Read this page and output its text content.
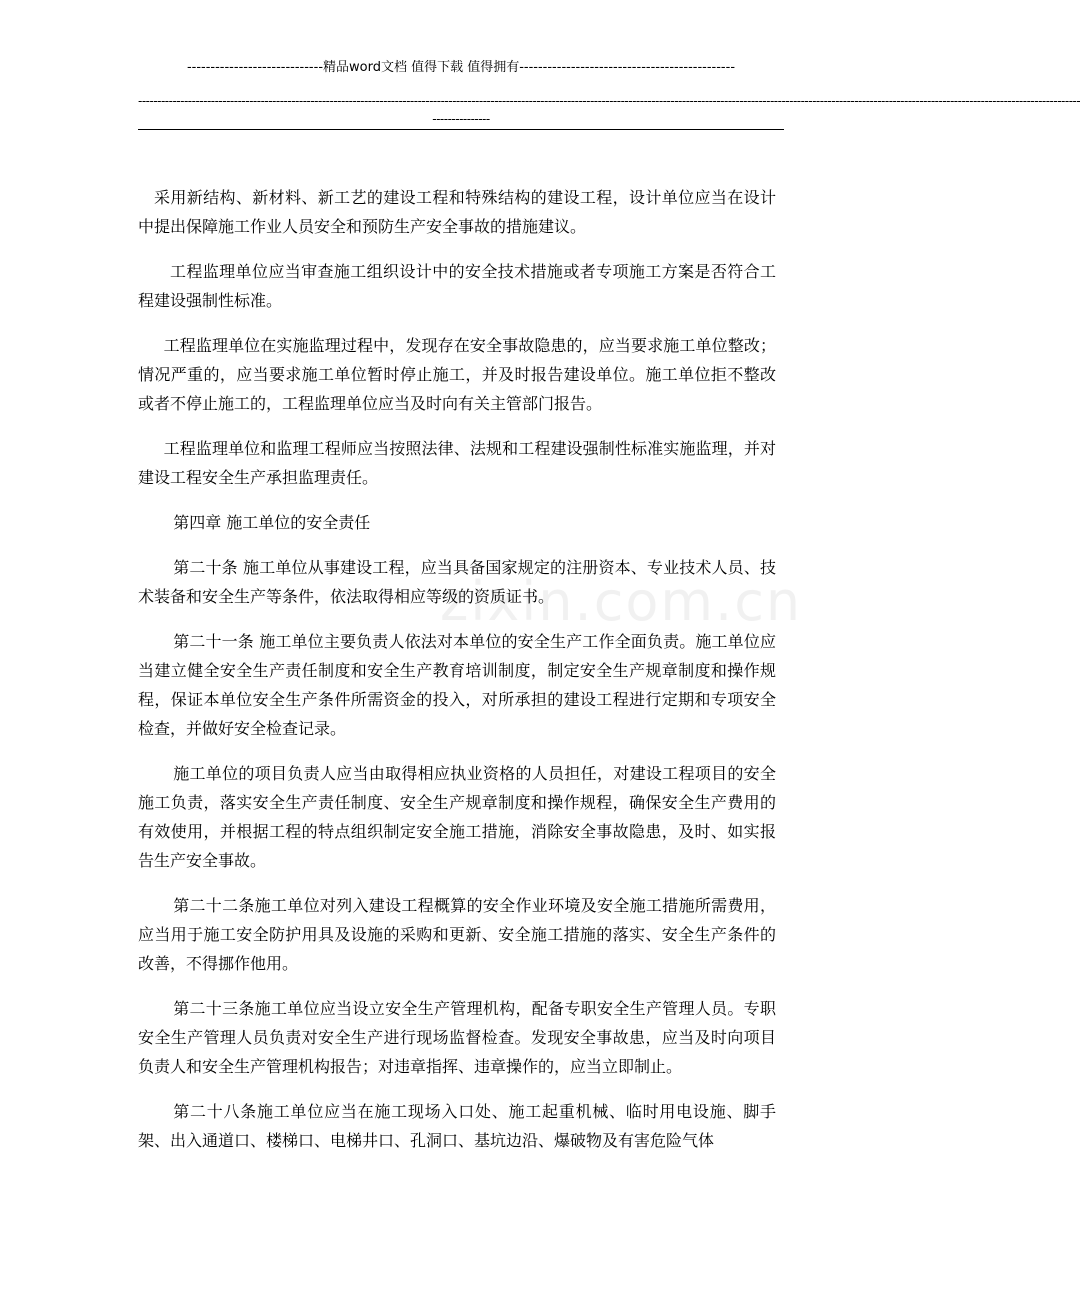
-----------------------------精品word文档 值得下载 值得拥有----------------------------------------------
------------------------------------------------------------------------------------------------------------------------------------------------------------------------------------------------------------------------------------------------------
---------------
zixin.com.cn

采用新结构、新材料、新工艺的建设工程和特殊结构的建设工程，设计单位应当在设计中提出保障施工作业人员安全和预防生产安全事故的措施建议。

工程监理单位应当审查施工组织设计中的安全技术措施或者专项施工方案是否符合工程建设强制性标准。

工程监理单位在实施监理过程中，发现存在安全事故隐患的，应当要求施工单位整改；情况严重的，应当要求施工单位暂时停止施工，并及时报告建设单位。施工单位拒不整改或者不停止施工的，工程监理单位应当及时向有关主管部门报告。

工程监理单位和监理工程师应当按照法律、法规和工程建设强制性标准实施监理，并对建设工程安全生产承担监理责任。

第四章 施工单位的安全责任

第二十条 施工单位从事建设工程，应当具备国家规定的注册资本、专业技术人员、技术装备和安全生产等条件，依法取得相应等级的资质证书。

第二十一条 施工单位主要负责人依法对本单位的安全生产工作全面负责。施工单位应当建立健全安全生产责任制度和安全生产教育培训制度，制定安全生产规章制度和操作规程，保证本单位安全生产条件所需资金的投入，对所承担的建设工程进行定期和专项安全检查，并做好安全检查记录。

施工单位的项目负责人应当由取得相应执业资格的人员担任，对建设工程项目的安全施工负责，落实安全生产责任制度、安全生产规章制度和操作规程，确保安全生产费用的有效使用，并根据工程的特点组织制定安全施工措施，消除安全事故隐患，及时、如实报告生产安全事故。

第二十二条施工单位对列入建设工程概算的安全作业环境及安全施工措施所需费用，应当用于施工安全防护用具及设施的采购和更新、安全施工措施的落实、安全生产条件的改善，不得挪作他用。

第二十三条施工单位应当设立安全生产管理机构，配备专职安全生产管理人员。专职安全生产管理人员负责对安全生产进行现场监督检查。发现安全事故患，应当及时向项目负责人和安全生产管理机构报告；对违章指挥、违章操作的，应当立即制止。

第二十八条施工单位应当在施工现场入口处、施工起重机械、临时用电设施、脚手架、出入通道口、楼梯口、电梯井口、孔洞口、基坑边沿、爆破物及有害危险气体
